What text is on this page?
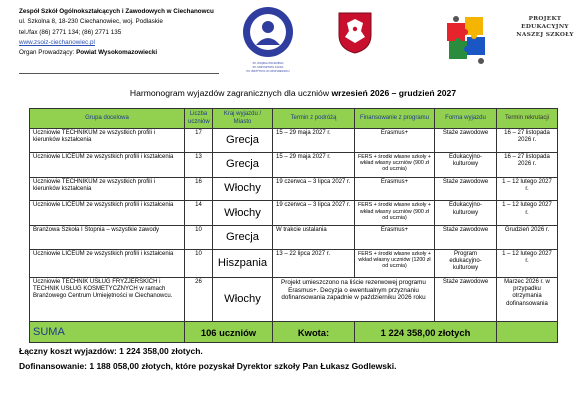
Zespół Szkół Ogólnokształcących i Zawodowych w Ciechanowcu
ul. Szkolna 8, 18-230 Ciechanowiec, woj. Podlaskie
tel./fax (86) 2771 134; (86) 2771 135
www.zsoiz-ciechanowiec.pl
Organ Prowadzący: Powiat Wysokomazowiecki
IM. WOJSKA POLSKIEGO
IM. KRZYSZTOFA KLUKA
IM. INSTYTUTA W CIECHANOWCU
PROJEKT
EDUKACYJNY
NASZEJ SZKOŁY
Harmonogram wyjazdów zagranicznych dla uczniów wrzesień 2026 – grudzień 2027
Grupa docelowa	Liczba uczniów	Kraj wyjazdu / Miasto	Termin z podróżą	Finansowanie z programu	Forma wyjazdu	Termin rekrutacji
Uczniowie TECHNIKUM ze wszystkich profili i kierunków kształcenia	17	Grecja	15 – 29 maja 2027 r.	Erasmus+	Staże zawodowe	16 – 27 listopada 2026 r.
Uczniowie LICEUM ze wszystkich profili i kształcenia	13	Grecja	15 – 29 maja 2027 r.	FERS + środki własne szkoły + wkład własny uczniów (900 zł od ucznia)	Edukacyjno-kulturowy	16 – 27 listopada 2026 r.
Uczniowie TECHNIKUM ze wszystkich profili i kierunków kształcenia	16	Włochy	19 czerwca – 3 lipca 2027 r.	Erasmus+	Staże zawodowe	1 – 12 lutego 2027 r.
Uczniowie LICEUM ze wszystkich profili i kształcenia	14	Włochy	19 czerwca – 3 lipca 2027 r.	FERS + środki własne szkoły + wkład własny uczniów (900 zł od ucznia)	Edukacyjno-kulturowy	1 – 12 lutego 2027 r.
Branżowa Szkoła I Stopnia – wszystkie zawody	10	Grecja	W trakcie ustalania	Erasmus+	Staże zawodowe	Grudzień 2026 r.
Uczniowie LICEUM ze wszystkich profili i kształcenia	10	Hiszpania	13 – 22 lipca 2027 r.	FERS + środki własne szkoły + wkład własny uczniów (1200 zł od ucznia)	Program edukacyjno-kulturowy	1 – 12 lutego 2027 r.
Uczniowie TECHNIK USŁUG FRYZJERSKICH i TECHNIK USŁUG KOSMETYCZNYCH w ramach Branżowego Centrum Umiejętności w Ciechanowcu.	26	Włochy	Projekt umieszczono na liście rezerwowej programu Erasmus+. Decyzja o ewentualnym przyznaniu dofinansowania zapadnie w październiku 2026 roku		Staże zawodowe	Marzec 2026 r. w przypadku otrzymania dofinansowania
SUMA	106 uczniów		Kwota:	1 224 358,00 złotych		
Łączny koszt wyjazdów: 1 224 358,00 złotych.
Dofinansowanie: 1 188 058,00 złotych, które pozyskał Dyrektor szkoły Pan Łukasz Godlewski.
